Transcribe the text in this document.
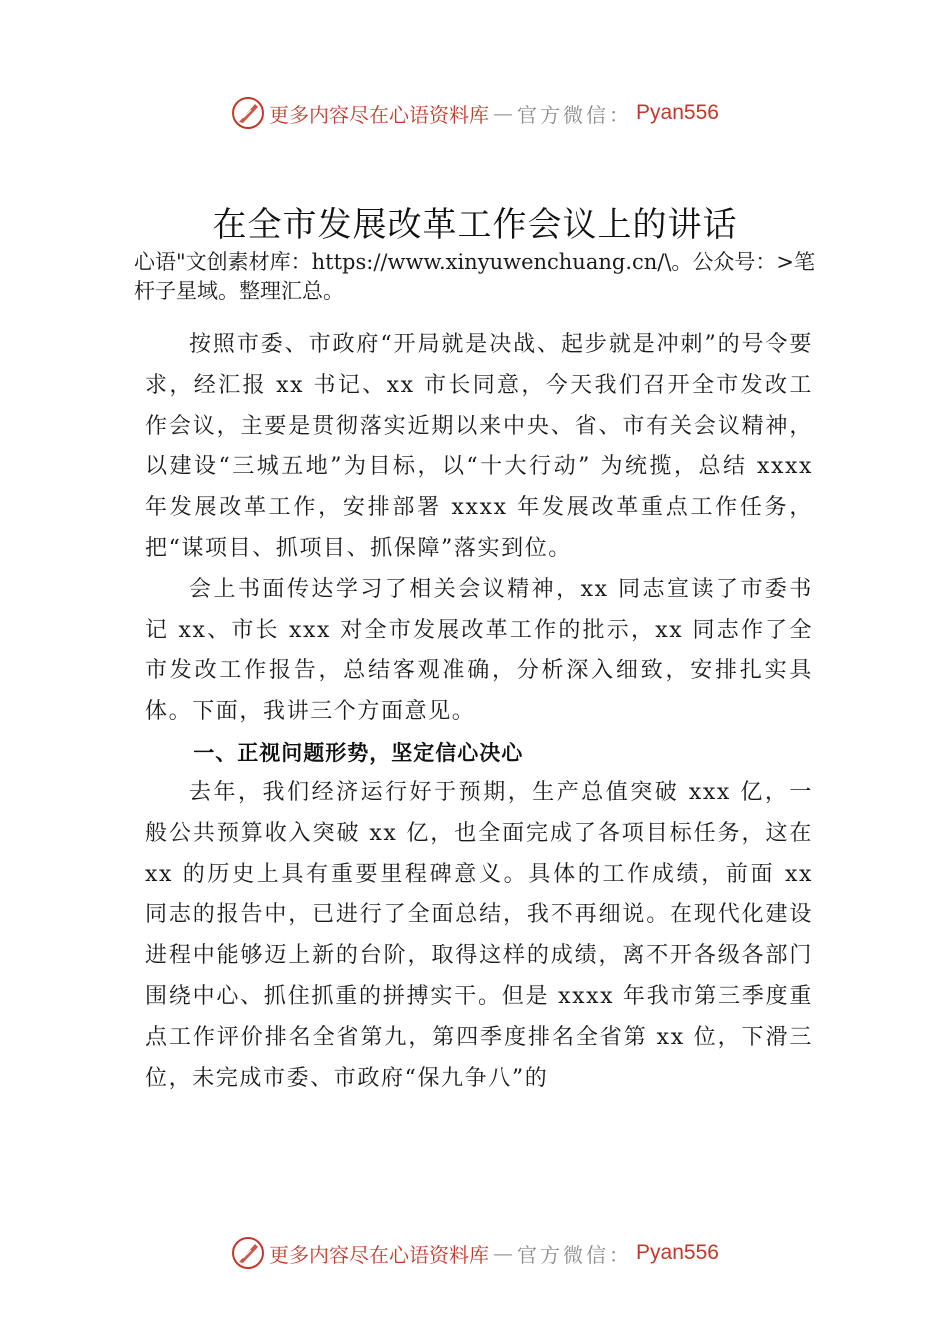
更多内容尽在心语资料库 — 官方微信： Pyan556
在全市发展改革工作会议上的讲话
心语"文创素材库：https://www.xinyuwenchuang.cn/\。公众号：>笔杆子星域。整理汇总。

按照市委、市政府“开局就是决战、起步就是冲刺”的号令要求，经汇报 xx 书记、xx 市长同意，今天我们召开全市发改工作会议，主要是贯彻落实近期以来中央、省、市有关会议精神，以建设“三城五地”为目标，以“十大行动” 为统揽，总结 xxxx 年发展改革工作，安排部署 xxxx 年发展改革重点工作任务，把“谋项目、抓项目、抓保障”落实到位。

会上书面传达学习了相关会议精神，xx 同志宣读了市委书记 xx、市长 xxx 对全市发展改革工作的批示，xx 同志作了全市发改工作报告，总结客观准确，分析深入细致，安排扎实具体。下面，我讲三个方面意见。

一、正视问题形势，坚定信心决心

去年，我们经济运行好于预期，生产总值突破 xxx 亿，一般公共预算收入突破 xx 亿，也全面完成了各项目标任务，这在 xx 的历史上具有重要里程碑意义。具体的工作成绩，前面 xx 同志的报告中，已进行了全面总结，我不再细说。在现代化建设进程中能够迈上新的台阶，取得这样的成绩，离不开各级各部门围绕中心、抓住抓重的拼搏实干。但是 xxxx 年我市第三季度重点工作评价排名全省第九，第四季度排名全省第 xx 位，下滑三位，未完成市委、市政府“保九争八”的

更多内容尽在心语资料库 — 官方微信： Pyan556
